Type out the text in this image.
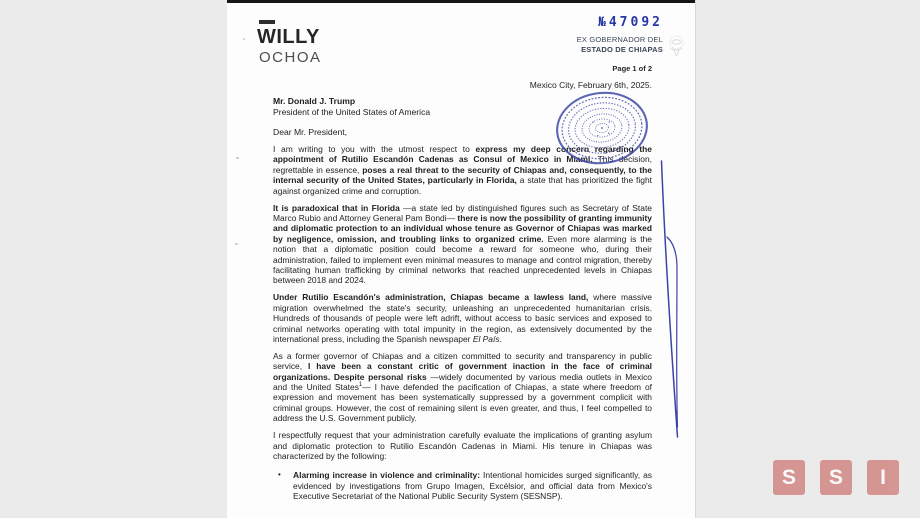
WILLY
OCHOA
№47092
EX GOBERNADOR DEL
ESTADO DE CHIAPAS
Page 1 of 2
Mexico City, February 6th, 2025.
Mr. Donald J. Trump
President of the United States of America
Dear Mr. President,

I am writing to you with the utmost respect to express my deep concern regarding the appointment of Rutilio Escandón Cadenas as Consul of Mexico in Miami. This decision, regrettable in essence, poses a real threat to the security of Chiapas and, consequently, to the internal security of the United States, particularly in Florida, a state that has prioritized the fight against organized crime and corruption.

It is paradoxical that in Florida —a state led by distinguished figures such as Secretary of State Marco Rubio and Attorney General Pam Bondi— there is now the possibility of granting immunity and diplomatic protection to an individual whose tenure as Governor of Chiapas was marked by negligence, omission, and troubling links to organized crime. Even more alarming is the notion that a diplomatic position could become a reward for someone who, during their administration, failed to implement even minimal measures to manage and control migration, thereby facilitating human trafficking by criminal networks that reached unprecedented levels in Chiapas between 2018 and 2024.

Under Rutilio Escandón's administration, Chiapas became a lawless land, where massive migration overwhelmed the state's security, unleashing an unprecedented humanitarian crisis. Hundreds of thousands of people were left adrift, without access to basic services and exposed to criminal networks operating with total impunity in the region, as extensively documented by the international press, including the Spanish newspaper El País.

As a former governor of Chiapas and a citizen committed to security and transparency in public service, I have been a constant critic of government inaction in the face of criminal organizations. Despite personal risks —widely documented by various media outlets in Mexico and the United States$^1$— I have defended the pacification of Chiapas, a state where freedom of expression and movement has been systematically suppressed by a government complicit with criminal groups. However, the cost of remaining silent is even greater, and thus, I feel compelled to address the U.S. Government publicly.

I respectfully request that your administration carefully evaluate the implications of granting asylum and diplomatic protection to Rutilio Escandón Cadenas in Miami. His tenure in Chiapas was characterized by the following:

• Alarming increase in violence and criminality: Intentional homicides surged significantly, as evidenced by investigations from Grupo Imagen, Excélsior, and official data from Mexico's Executive Secretariat of the National Public Security System (SESNSP).
S	S	I
